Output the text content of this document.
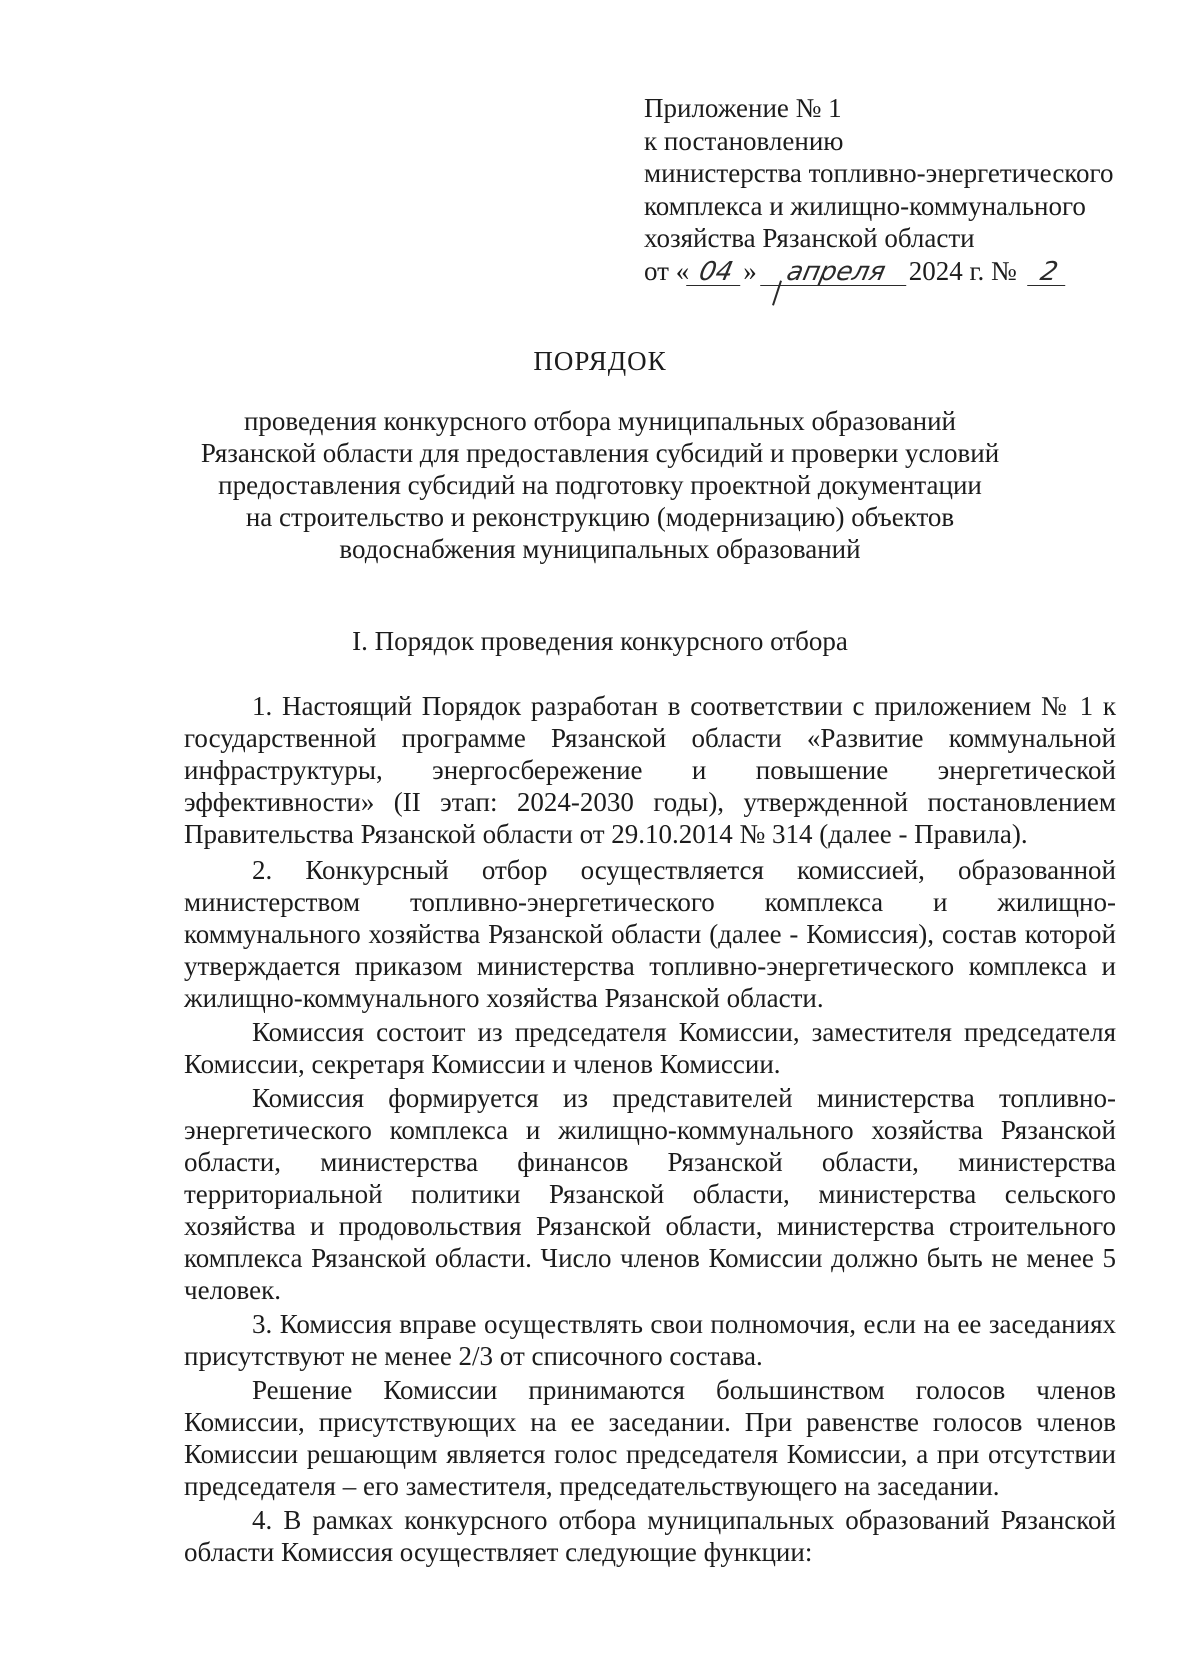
Приложение № 1
к постановлению
министерства топливно-энергетического
комплекса и жилищно-коммунального
хозяйства Рязанской области
от « 04 » апреля 2024 г. № 2
ПОРЯДОК
проведения конкурсного отбора муниципальных образований
Рязанской области для предоставления субсидий и проверки условий
предоставления субсидий на подготовку проектной документации
на строительство и реконструкцию (модернизацию) объектов
водоснабжения муниципальных образований
I. Порядок проведения конкурсного отбора

1. Настоящий Порядок разработан в соответствии с приложением № 1 к государственной программе Рязанской области «Развитие коммунальной инфраструктуры, энергосбережение и повышение энергетической эффективности» (II этап: 2024-2030 годы), утвержденной постановлением Правительства Рязанской области от 29.10.2014 № 314 (далее - Правила).

2. Конкурсный отбор осуществляется комиссией, образованной министерством топливно-энергетического комплекса и жилищно-коммунального хозяйства Рязанской области (далее - Комиссия), состав которой утверждается приказом министерства топливно-энергетического комплекса и жилищно-коммунального хозяйства Рязанской области.

Комиссия состоит из председателя Комиссии, заместителя председателя Комиссии, секретаря Комиссии и членов Комиссии.

Комиссия формируется из представителей министерства топливно-энергетического комплекса и жилищно-коммунального хозяйства Рязанской области, министерства финансов Рязанской области, министерства территориальной политики Рязанской области, министерства сельского хозяйства и продовольствия Рязанской области, министерства строительного комплекса Рязанской области. Число членов Комиссии должно быть не менее 5 человек.

3. Комиссия вправе осуществлять свои полномочия, если на ее заседаниях присутствуют не менее 2/3 от списочного состава.

Решение Комиссии принимаются большинством голосов членов Комиссии, присутствующих на ее заседании. При равенстве голосов членов Комиссии решающим является голос председателя Комиссии, а при отсутствии председателя – его заместителя, председательствующего на заседании.

4. В рамках конкурсного отбора муниципальных образований Рязанской области Комиссия осуществляет следующие функции:
